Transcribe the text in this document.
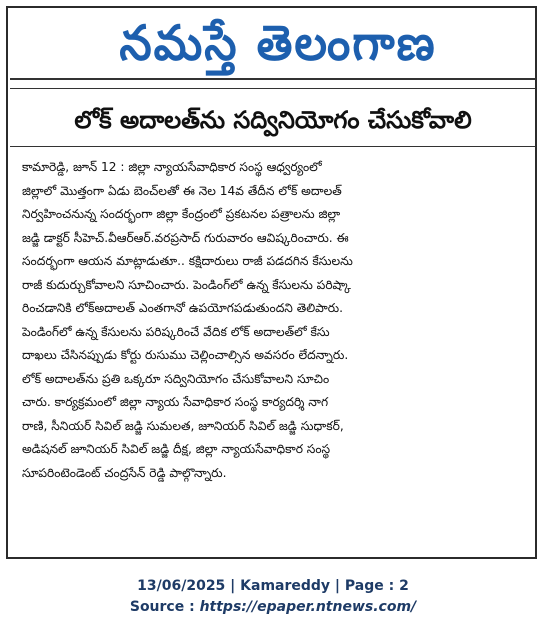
నమస్తే తెలంగాణ
లోక్ అదాలత్‌ను సద్వినియోగం చేసుకోవాలి
కామారెడ్డి, జూన్ 12 : జిల్లా న్యాయసేవాధికార సంస్థ ఆధ్వర్యంలో
జిల్లాలో మొత్తంగా ఏడు బెంచ్‌లతో ఈ నెల 14వ తేదీన లోక్ అదాలత్
నిర్వహించనున్న సందర్భంగా జిల్లా కేంద్రంలో ప్రకటనల పత్రాలను జిల్లా
జడ్జి డాక్టర్ సీహెచ్.వీఆర్ఆర్.వరప్రసాద్ గురువారం ఆవిష్కరించారు. ఈ
సందర్భంగా ఆయన మాట్లాడుతూ.. కక్షిదారులు రాజీ పడదగిన కేసులను
రాజీ కుదుర్చుకోవాలని సూచించారు. పెండింగ్‌లో ఉన్న కేసులను పరిష్కా
రించడానికి లోక్‌అదాలత్ ఎంతగానో ఉపయోగపడుతుందని తెలిపారు.
పెండింగ్‌లో ఉన్న కేసులను పరిష్కరించే వేదిక లోక్ అదాలత్‌లో కేసు
దాఖలు చేసినప్పుడు కోర్టు రుసుము చెల్లించాల్సిన అవసరం లేదన్నారు.
లోక్ అదాలత్‌ను ప్రతి ఒక్కరూ సద్వినియోగం చేసుకోవాలని సూచిం
చారు. కార్యక్రమంలో జిల్లా న్యాయ సేవాధికార సంస్థ కార్యదర్శి నాగ
రాణి, సీనియర్ సివిల్ జడ్జి సుమలత, జూనియర్ సివిల్ జడ్జి సుధాకర్,
అడిషనల్ జూనియర్ సివిల్ జడ్జి దీక్ష, జిల్లా న్యాయసేవాధికార సంస్థ
సూపరింటెండెంట్ చంద్రసేన్ రెడ్డి పాల్గొన్నారు.
13/06/2025 | Kamareddy | Page : 2
Source : https://epaper.ntnews.com/
